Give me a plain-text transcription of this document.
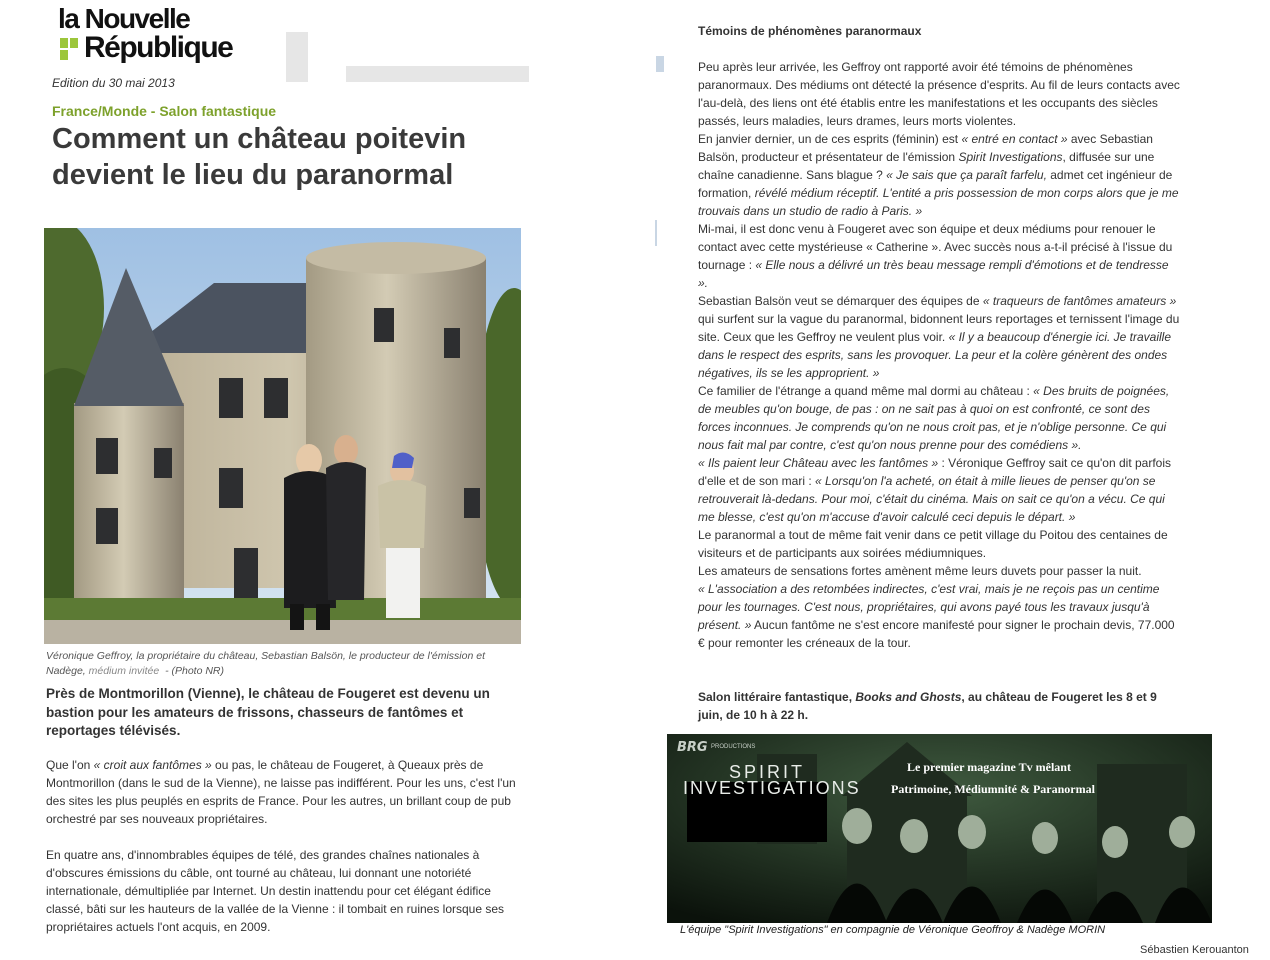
la Nouvelle
République
Edition du 30 mai 2013
France/Monde - Salon fantastique
Comment un château poitevin devient le lieu du paranormal
Véronique Geffroy, la propriétaire du château, Sebastian Balsön, le producteur de l'émission et Nadège, médium invitée  - (Photo NR)
Près de Montmorillon (Vienne), le château de Fougeret est devenu un bastion pour les amateurs de frissons, chasseurs de fantômes et reportages télévisés.
Que l'on « croit aux fantômes » ou pas, le château de Fougeret, à Queaux près de Montmorillon (dans le sud de la Vienne), ne laisse pas indifférent. Pour les uns, c'est l'un des sites les plus peuplés en esprits de France. Pour les autres, un brillant coup de pub orchestré par ses nouveaux propriétaires.
En quatre ans, d'innombrables équipes de télé, des grandes chaînes nationales à d'obscures émissions du câble, ont tourné au château, lui donnant une notoriété internationale, démultipliée par Internet. Un destin inattendu pour cet élégant édifice classé, bâti sur les hauteurs de la vallée de la Vienne : il tombait en ruines lorsque ses propriétaires actuels l'ont acquis, en 2009.
Témoins de phénomènes paranormaux

Peu après leur arrivée, les Geffroy ont rapporté avoir été témoins de phénomènes paranormaux. Des médiums ont détecté la présence d'esprits. Au fil de leurs contacts avec l'au-delà, des liens ont été établis entre les manifestations et les occupants des siècles passés, leurs maladies, leurs drames, leurs morts violentes.

En janvier dernier, un de ces esprits (féminin) est « entré en contact » avec Sebastian Balsön, producteur et présentateur de l'émission Spirit Investigations, diffusée sur une chaîne canadienne. Sans blague ? « Je sais que ça paraît farfelu, admet cet ingénieur de formation, révélé médium réceptif. L'entité a pris possession de mon corps alors que je me trouvais dans un studio de radio à Paris. »

Mi-mai, il est donc venu à Fougeret avec son équipe et deux médiums pour renouer le contact avec cette mystérieuse « Catherine ». Avec succès nous a-t-il précisé à l'issue du tournage : « Elle nous a délivré un très beau message rempli d'émotions et de tendresse ».

Sebastian Balsön veut se démarquer des équipes de « traqueurs de fantômes amateurs » qui surfent sur la vague du paranormal, bidonnent leurs reportages et ternissent l'image du site. Ceux que les Geffroy ne veulent plus voir. « Il y a beaucoup d'énergie ici. Je travaille dans le respect des esprits, sans les provoquer. La peur et la colère génèrent des ondes négatives, ils se les approprient. »

Ce familier de l'étrange a quand même mal dormi au château : « Des bruits de poignées, de meubles qu'on bouge, de pas : on ne sait pas à quoi on est confronté, ce sont des forces inconnues. Je comprends qu'on ne nous croit pas, et je n'oblige personne. Ce qui nous fait mal par contre, c'est qu'on nous prenne pour des comédiens ».

« Ils paient leur Château avec les fantômes » : Véronique Geffroy sait ce qu'on dit parfois d'elle et de son mari : « Lorsqu'on l'a acheté, on était à mille lieues de penser qu'on se retrouverait là-dedans. Pour moi, c'était du cinéma. Mais on sait ce qu'on a vécu. Ce qui me blesse, c'est qu'on m'accuse d'avoir calculé ceci depuis le départ. »

Le paranormal a tout de même fait venir dans ce petit village du Poitou des centaines de visiteurs et de participants aux soirées médiumniques.

Les amateurs de sensations fortes amènent même leurs duvets pour passer la nuit.

« L'association a des retombées indirectes, c'est vrai, mais je ne reçois pas un centime pour les tournages. C'est nous, propriétaires, qui avons payé tous les travaux jusqu'à présent. » Aucun fantôme ne s'est encore manifesté pour signer le prochain devis, 77.000 € pour remonter les créneaux de la tour.

Salon littéraire fantastique, Books and Ghosts, au château de Fougeret les 8 et 9 juin, de 10 h à 22 h.
BRG PRODUCTIONS
SPIRIT
INVESTIGATIONS
Le premier magazine Tv mêlant
Patrimoine, Médiumnité & Paranormal
L'équipe "Spirit Investigations" en compagnie de Véronique Geoffroy & Nadège MORIN
Sébastien Kerouanton
